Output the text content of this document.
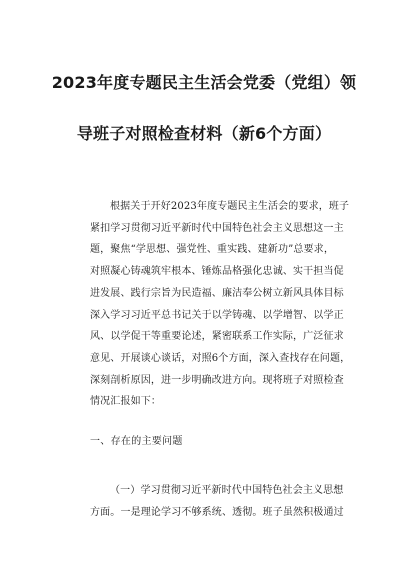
2023年度专题民主生活会党委（党组）领
导班子对照检查材料（新6个方面）

根据关于开好2023年度专题民主生活会的要求，班子

紧扣学习贯彻习近平新时代中国特色社会主义思想这一主

题，聚焦“学思想、强党性、重实践、建新功”总要求，

对照凝心铸魂筑牢根本、锤炼品格强化忠诚、实干担当促

进发展、践行宗旨为民造福、廉洁奉公树立新风具体目标

深入学习习近平总书记关于以学铸魂、以学增智、以学正

风、以学促干等重要论述，紧密联系工作实际，广泛征求

意见、开展谈心谈话，对照6个方面，深入查找存在问题，

深刻剖析原因，进一步明确改进方向。现将班子对照检查

情况汇报如下：

一、存在的主要问题

（一）学习贯彻习近平新时代中国特色社会主义思想

方面。一是理论学习不够系统、透彻。班子虽然积极通过
